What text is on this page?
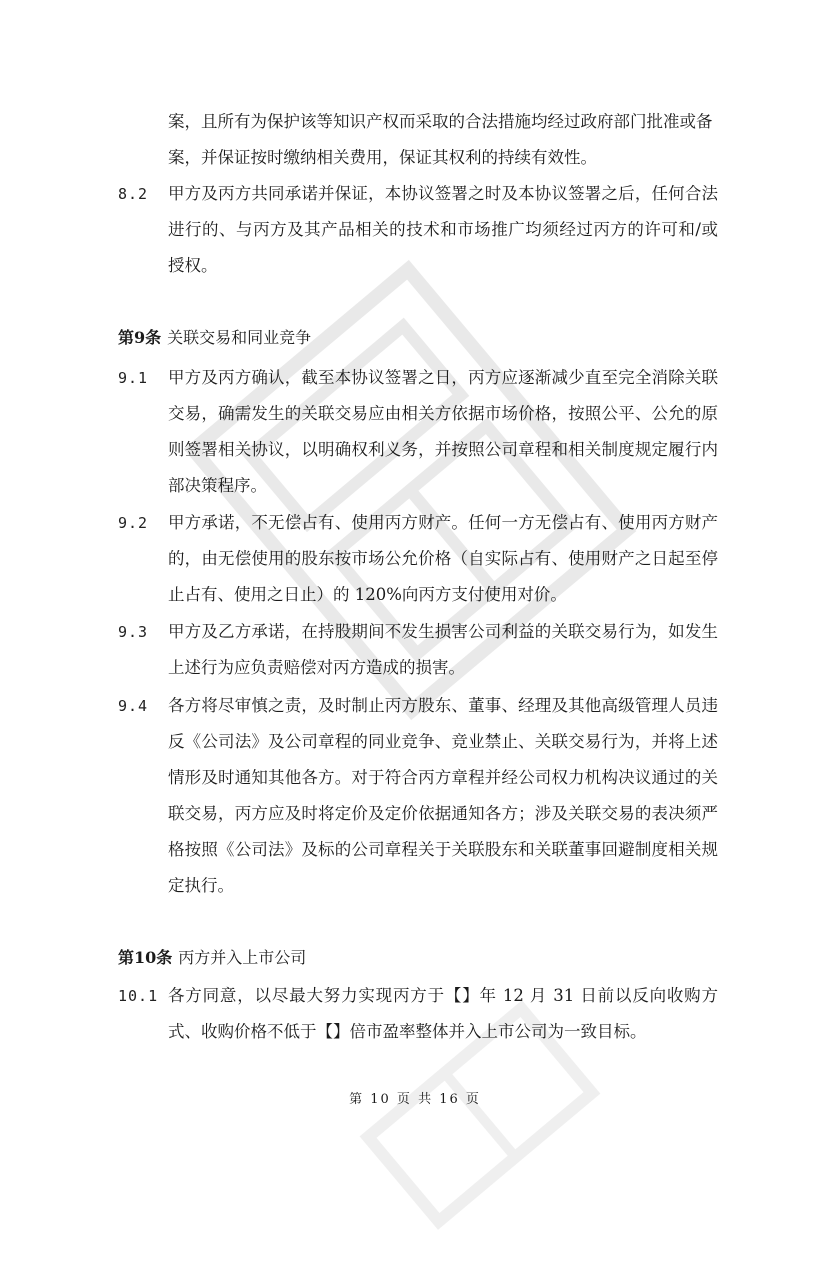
案，且所有为保护该等知识产权而采取的合法措施均经过政府部门批准或备
案，并保证按时缴纳相关费用，保证其权利的持续有效性。
8.2	甲方及丙方共同承诺并保证，本协议签署之时及本协议签署之后，任何合法进行的、与丙方及其产品相关的技术和市场推广均须经过丙方的许可和/或授权。
第9条 关联交易和同业竞争
9.1	甲方及丙方确认，截至本协议签署之日，丙方应逐渐减少直至完全消除关联交易，确需发生的关联交易应由相关方依据市场价格，按照公平、公允的原则签署相关协议，以明确权利义务，并按照公司章程和相关制度规定履行内部决策程序。
9.2	甲方承诺，不无偿占有、使用丙方财产。任何一方无偿占有、使用丙方财产的，由无偿使用的股东按市场公允价格（自实际占有、使用财产之日起至停止占有、使用之日止）的 120%向丙方支付使用对价。
9.3	甲方及乙方承诺，在持股期间不发生损害公司利益的关联交易行为，如发生上述行为应负责赔偿对丙方造成的损害。
9.4	各方将尽审慎之责，及时制止丙方股东、董事、经理及其他高级管理人员违反《公司法》及公司章程的同业竞争、竞业禁止、关联交易行为，并将上述情形及时通知其他各方。对于符合丙方章程并经公司权力机构决议通过的关联交易，丙方应及时将定价及定价依据通知各方；涉及关联交易的表决须严格按照《公司法》及标的公司章程关于关联股东和关联董事回避制度相关规定执行。
第10条 丙方并入上市公司
10.1 各方同意，以尽最大努力实现丙方于【】年 12 月 31 日前以反向收购方式、收购价格不低于【】倍市盈率整体并入上市公司为一致目标。
第 10 页 共 16 页
